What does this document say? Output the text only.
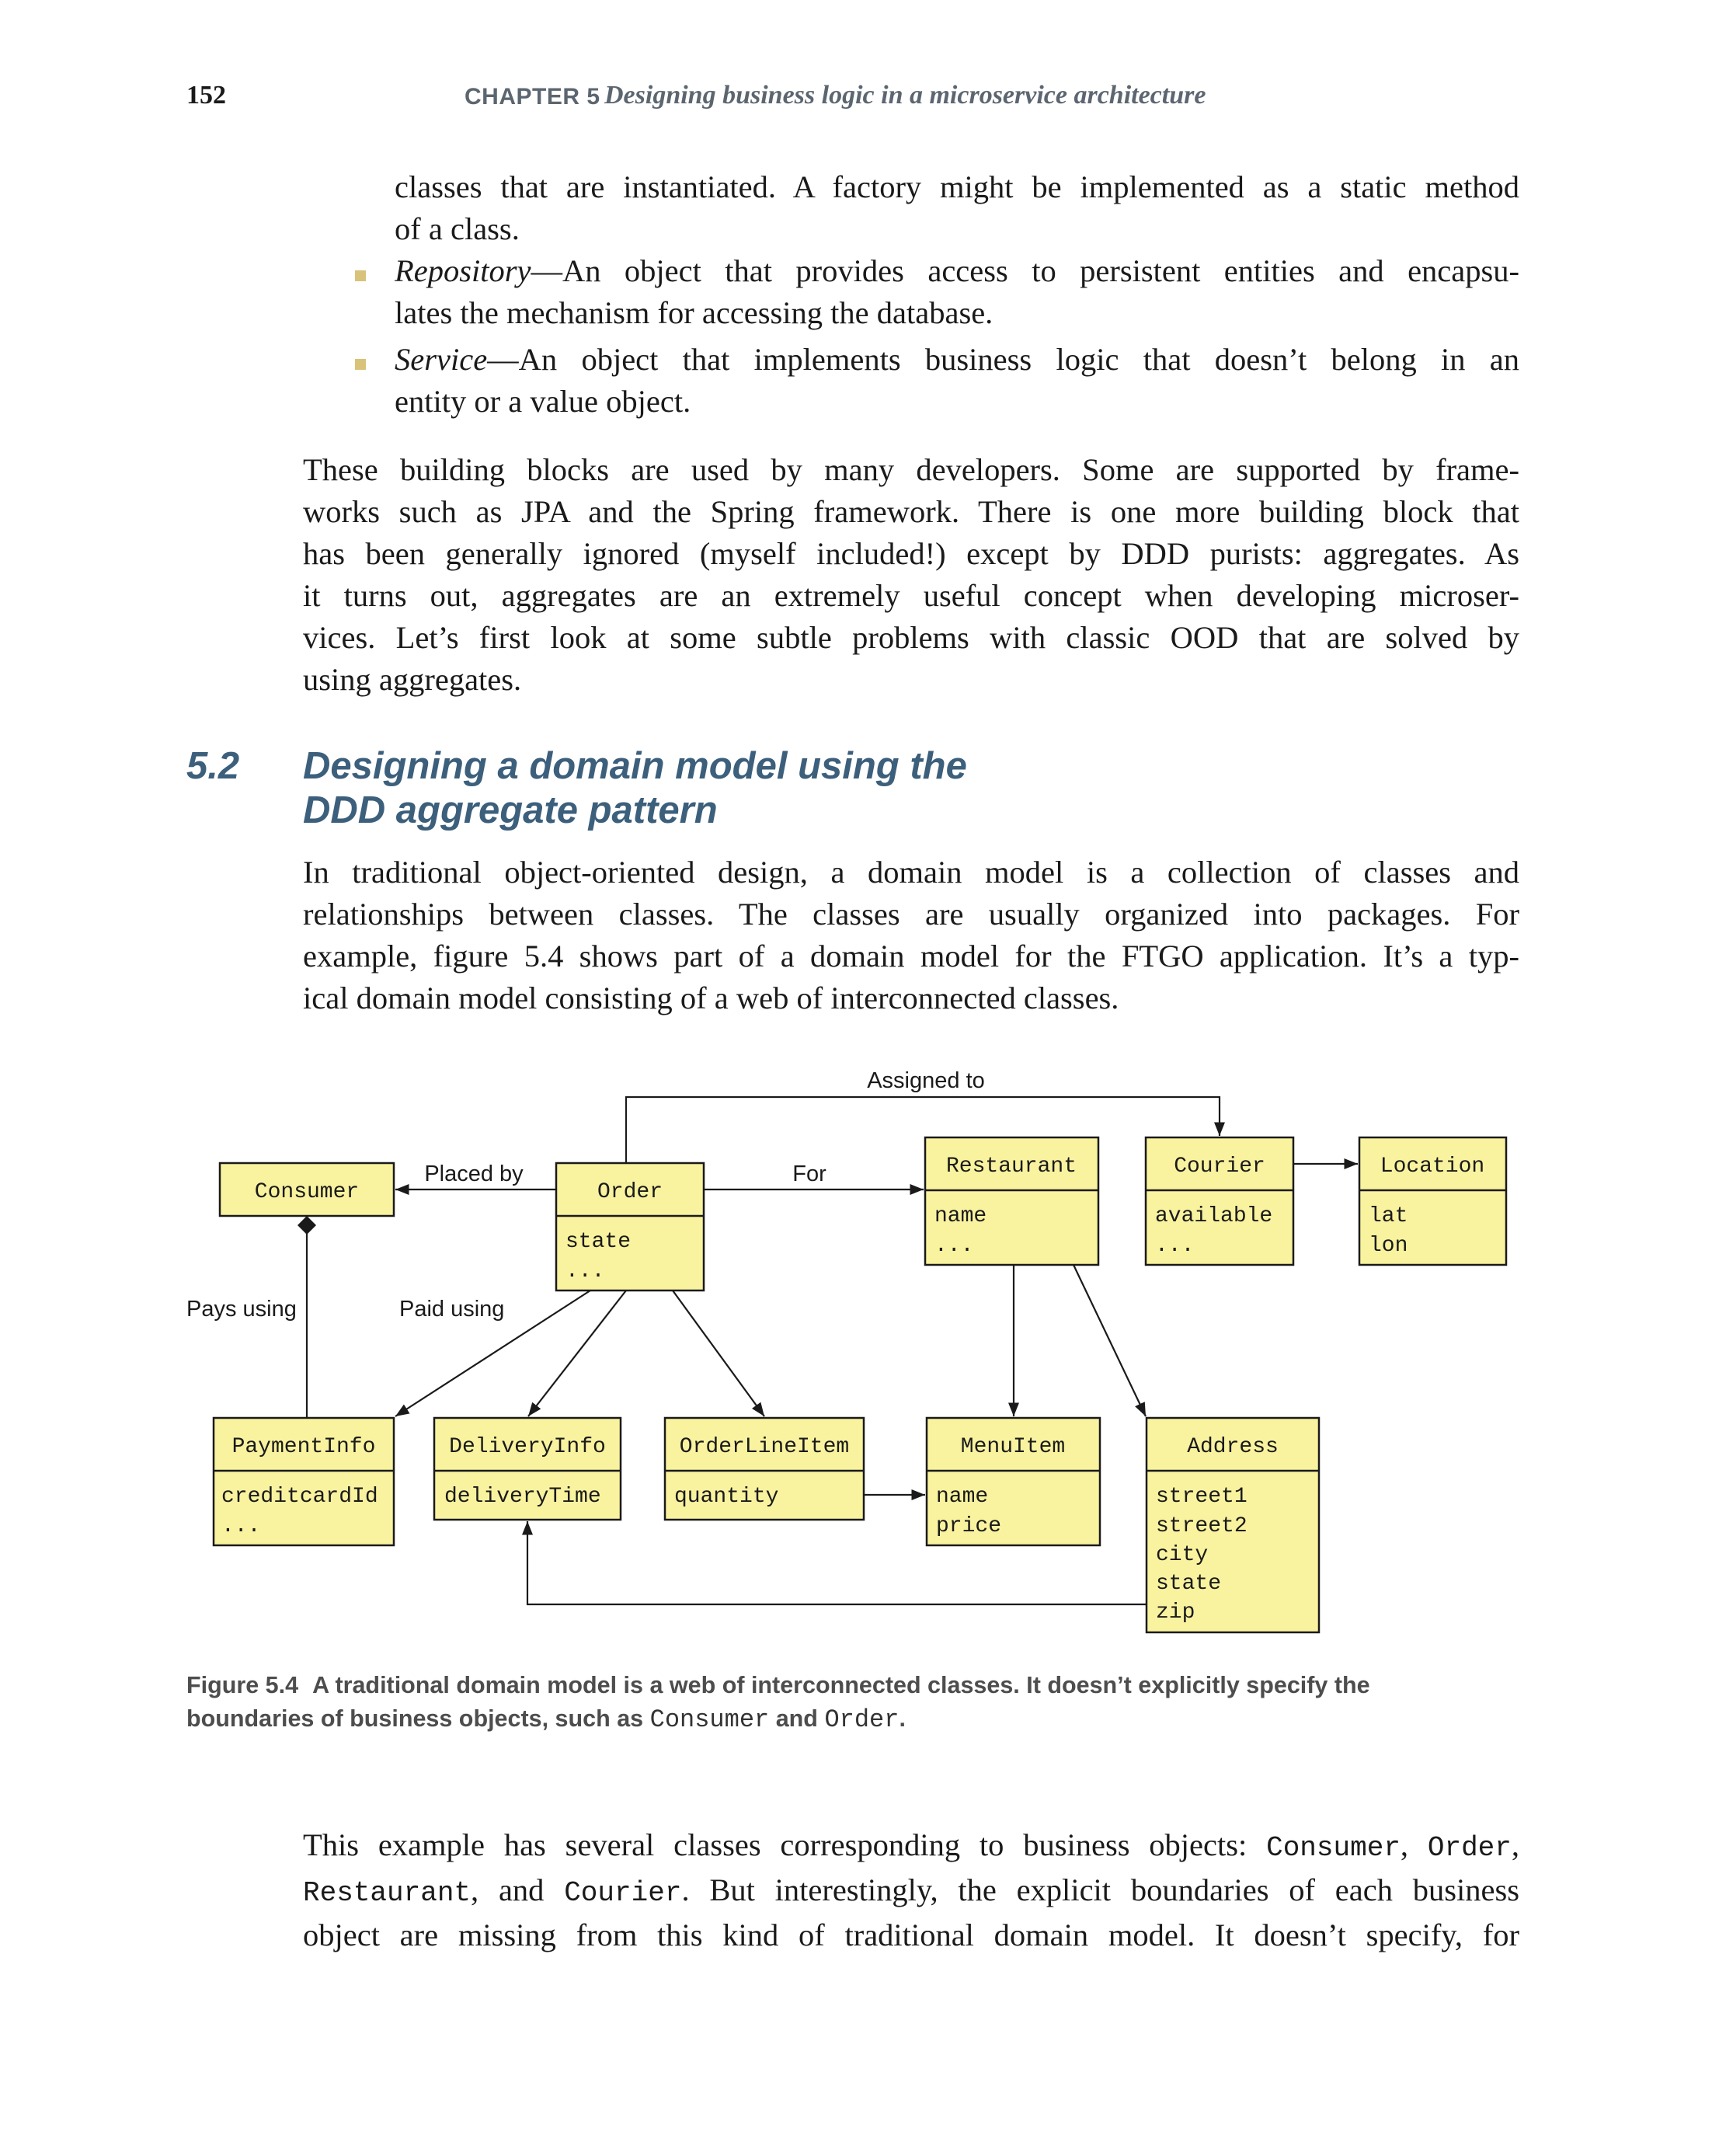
152	CHAPTER 5 Designing business logic in a microservice architecture
classes that are instantiated. A factory might be implemented as a static method
of a class.
Repository—An object that provides access to persistent entities and encapsu-
lates the mechanism for accessing the database.
Service—An object that implements business logic that doesn’t belong in an
entity or a value object.
These building blocks are used by many developers. Some are supported by frame-
works such as JPA and the Spring framework. There is one more building block that
has been generally ignored (myself included!) except by DDD purists: aggregates. As
it turns out, aggregates are an extremely useful concept when developing microser-
vices. Let’s first look at some subtle problems with classic OOD that are solved by
using aggregates.
5.2 Designing a domain model using the
DDD aggregate pattern
In traditional object-oriented design, a domain model is a collection of classes and
relationships between classes. The classes are usually organized into packages. For
example, figure 5.4 shows part of a domain model for the FTGO application. It’s a typ-
ical domain model consisting of a web of interconnected classes.
Consumer	Order
Restaurant	Courier	Location
PaymentInfo	DeliveryInfo	OrderLineItem	MenuItem	Address
state
...
name
...
available
...
lat
lon
creditcardId
...
deliveryTime	quantity	name
price
street1
street2
city
state
zip
Assigned to
Placed by	For
Pays using	Paid using
Figure 5.4 A traditional domain model is a web of interconnected classes. It doesn’t explicitly specify the
boundaries of business objects, such as Consumer and Order.
This example has several classes corresponding to business objects: Consumer, Order,
Restaurant, and Courier. But interestingly, the explicit boundaries of each business
object are missing from this kind of traditional domain model. It doesn’t specify, for
